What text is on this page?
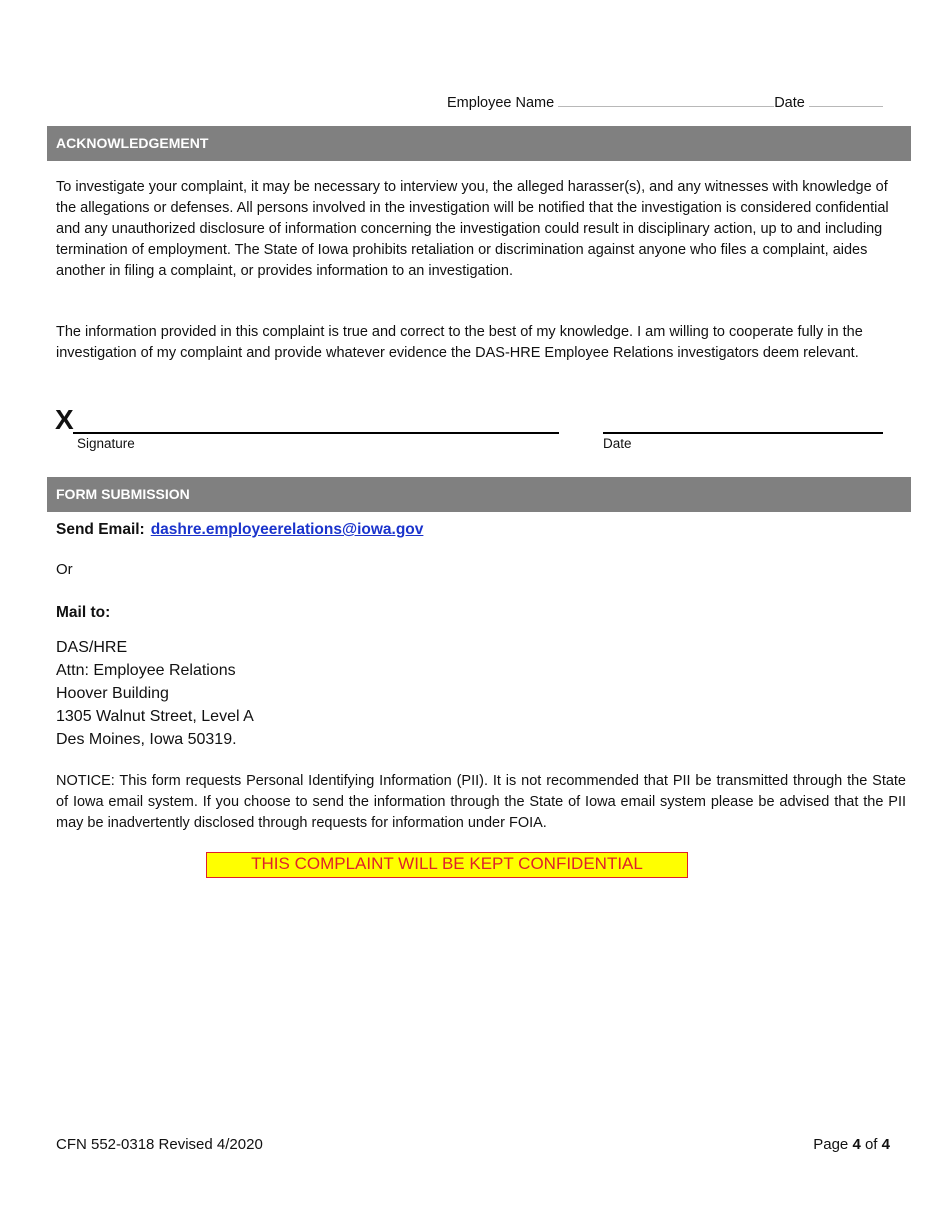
Employee Name	Date
ACKNOWLEDGEMENT

To investigate your complaint, it may be necessary to interview you, the alleged harasser(s), and any witnesses with knowledge of the allegations or defenses. All persons involved in the investigation will be notified that the investigation is considered confidential and any unauthorized disclosure of information concerning the investigation could result in disciplinary action, up to and including termination of employment. The State of Iowa prohibits retaliation or discrimination against anyone who files a complaint, aides another in filing a complaint, or provides information to an investigation.

The information provided in this complaint is true and correct to the best of my knowledge. I am willing to cooperate fully in the investigation of my complaint and provide whatever evidence the DAS-HRE Employee Relations investigators deem relevant.

X
Signature	Date
FORM SUBMISSION
Send Email: dashre.employeerelations@iowa.gov
Or
Mail to:
DAS/HRE
Attn: Employee Relations
Hoover Building
1305 Walnut Street, Level A
Des Moines, Iowa 50319.

NOTICE: This form requests Personal Identifying Information (PII). It is not recommended that PII be transmitted through the State of Iowa email system. If you choose to send the information through the State of Iowa email system please be advised that the PII may be inadvertently disclosed through requests for information under FOIA.

THIS COMPLAINT WILL BE KEPT CONFIDENTIAL
CFN 552-0318 Revised 4/2020	Page 4 of 4
